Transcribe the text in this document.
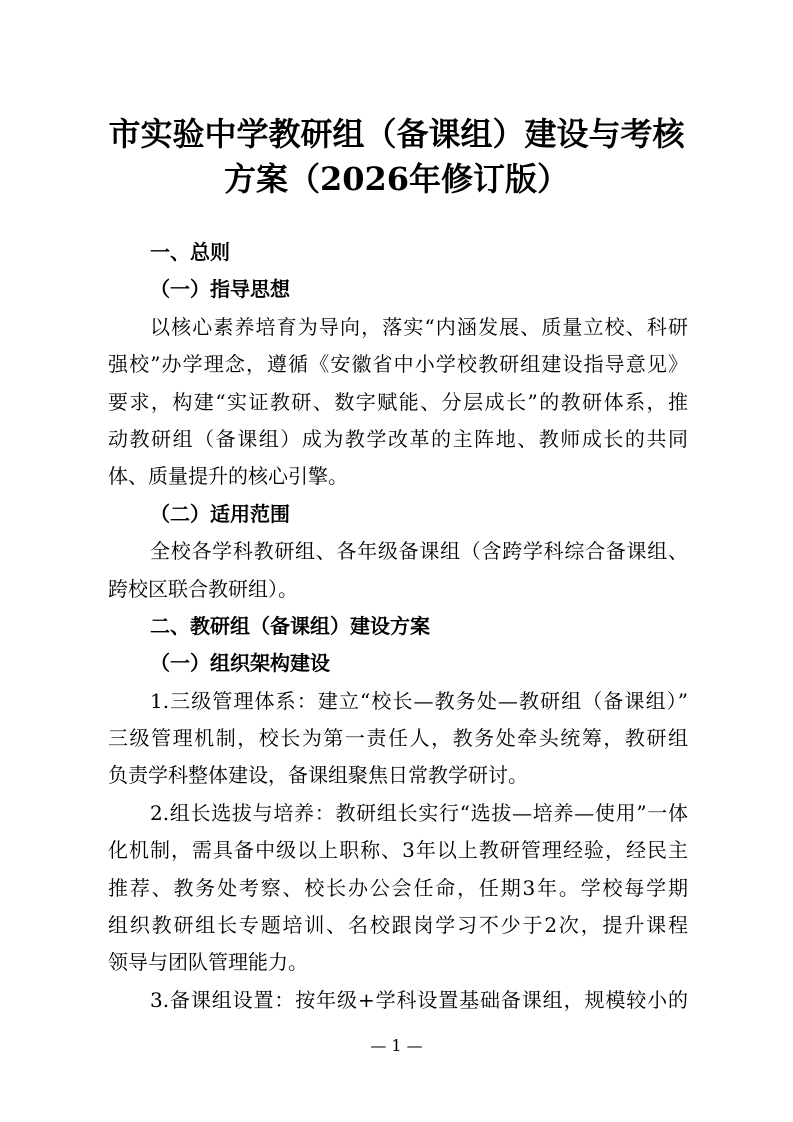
市实验中学教研组（备课组）建设与考核
方案（2026年修订版）
一、总则
（一）指导思想
以核心素养培育为导向，落实“内涵发展、质量立校、科研
强校”办学理念，遵循《安徽省中小学校教研组建设指导意见》
要求，构建“实证教研、数字赋能、分层成长”的教研体系，推
动教研组（备课组）成为教学改革的主阵地、教师成长的共同
体、质量提升的核心引擎。
（二）适用范围
全校各学科教研组、各年级备课组（含跨学科综合备课组、
跨校区联合教研组）。
二、教研组（备课组）建设方案
（一）组织架构建设
1.三级管理体系：建立“校长—教务处—教研组（备课组）”
三级管理机制，校长为第一责任人，教务处牵头统筹，教研组
负责学科整体建设，备课组聚焦日常教学研讨。
2.组长选拔与培养：教研组长实行“选拔—培养—使用”一体
化机制，需具备中级以上职称、3年以上教研管理经验，经民主
推荐、教务处考察、校长办公会任命，任期3年。学校每学期
组织教研组长专题培训、名校跟岗学习不少于2次，提升课程
领导与团队管理能力。
3.备课组设置：按年级+学科设置基础备课组，规模较小的
— 1 —
